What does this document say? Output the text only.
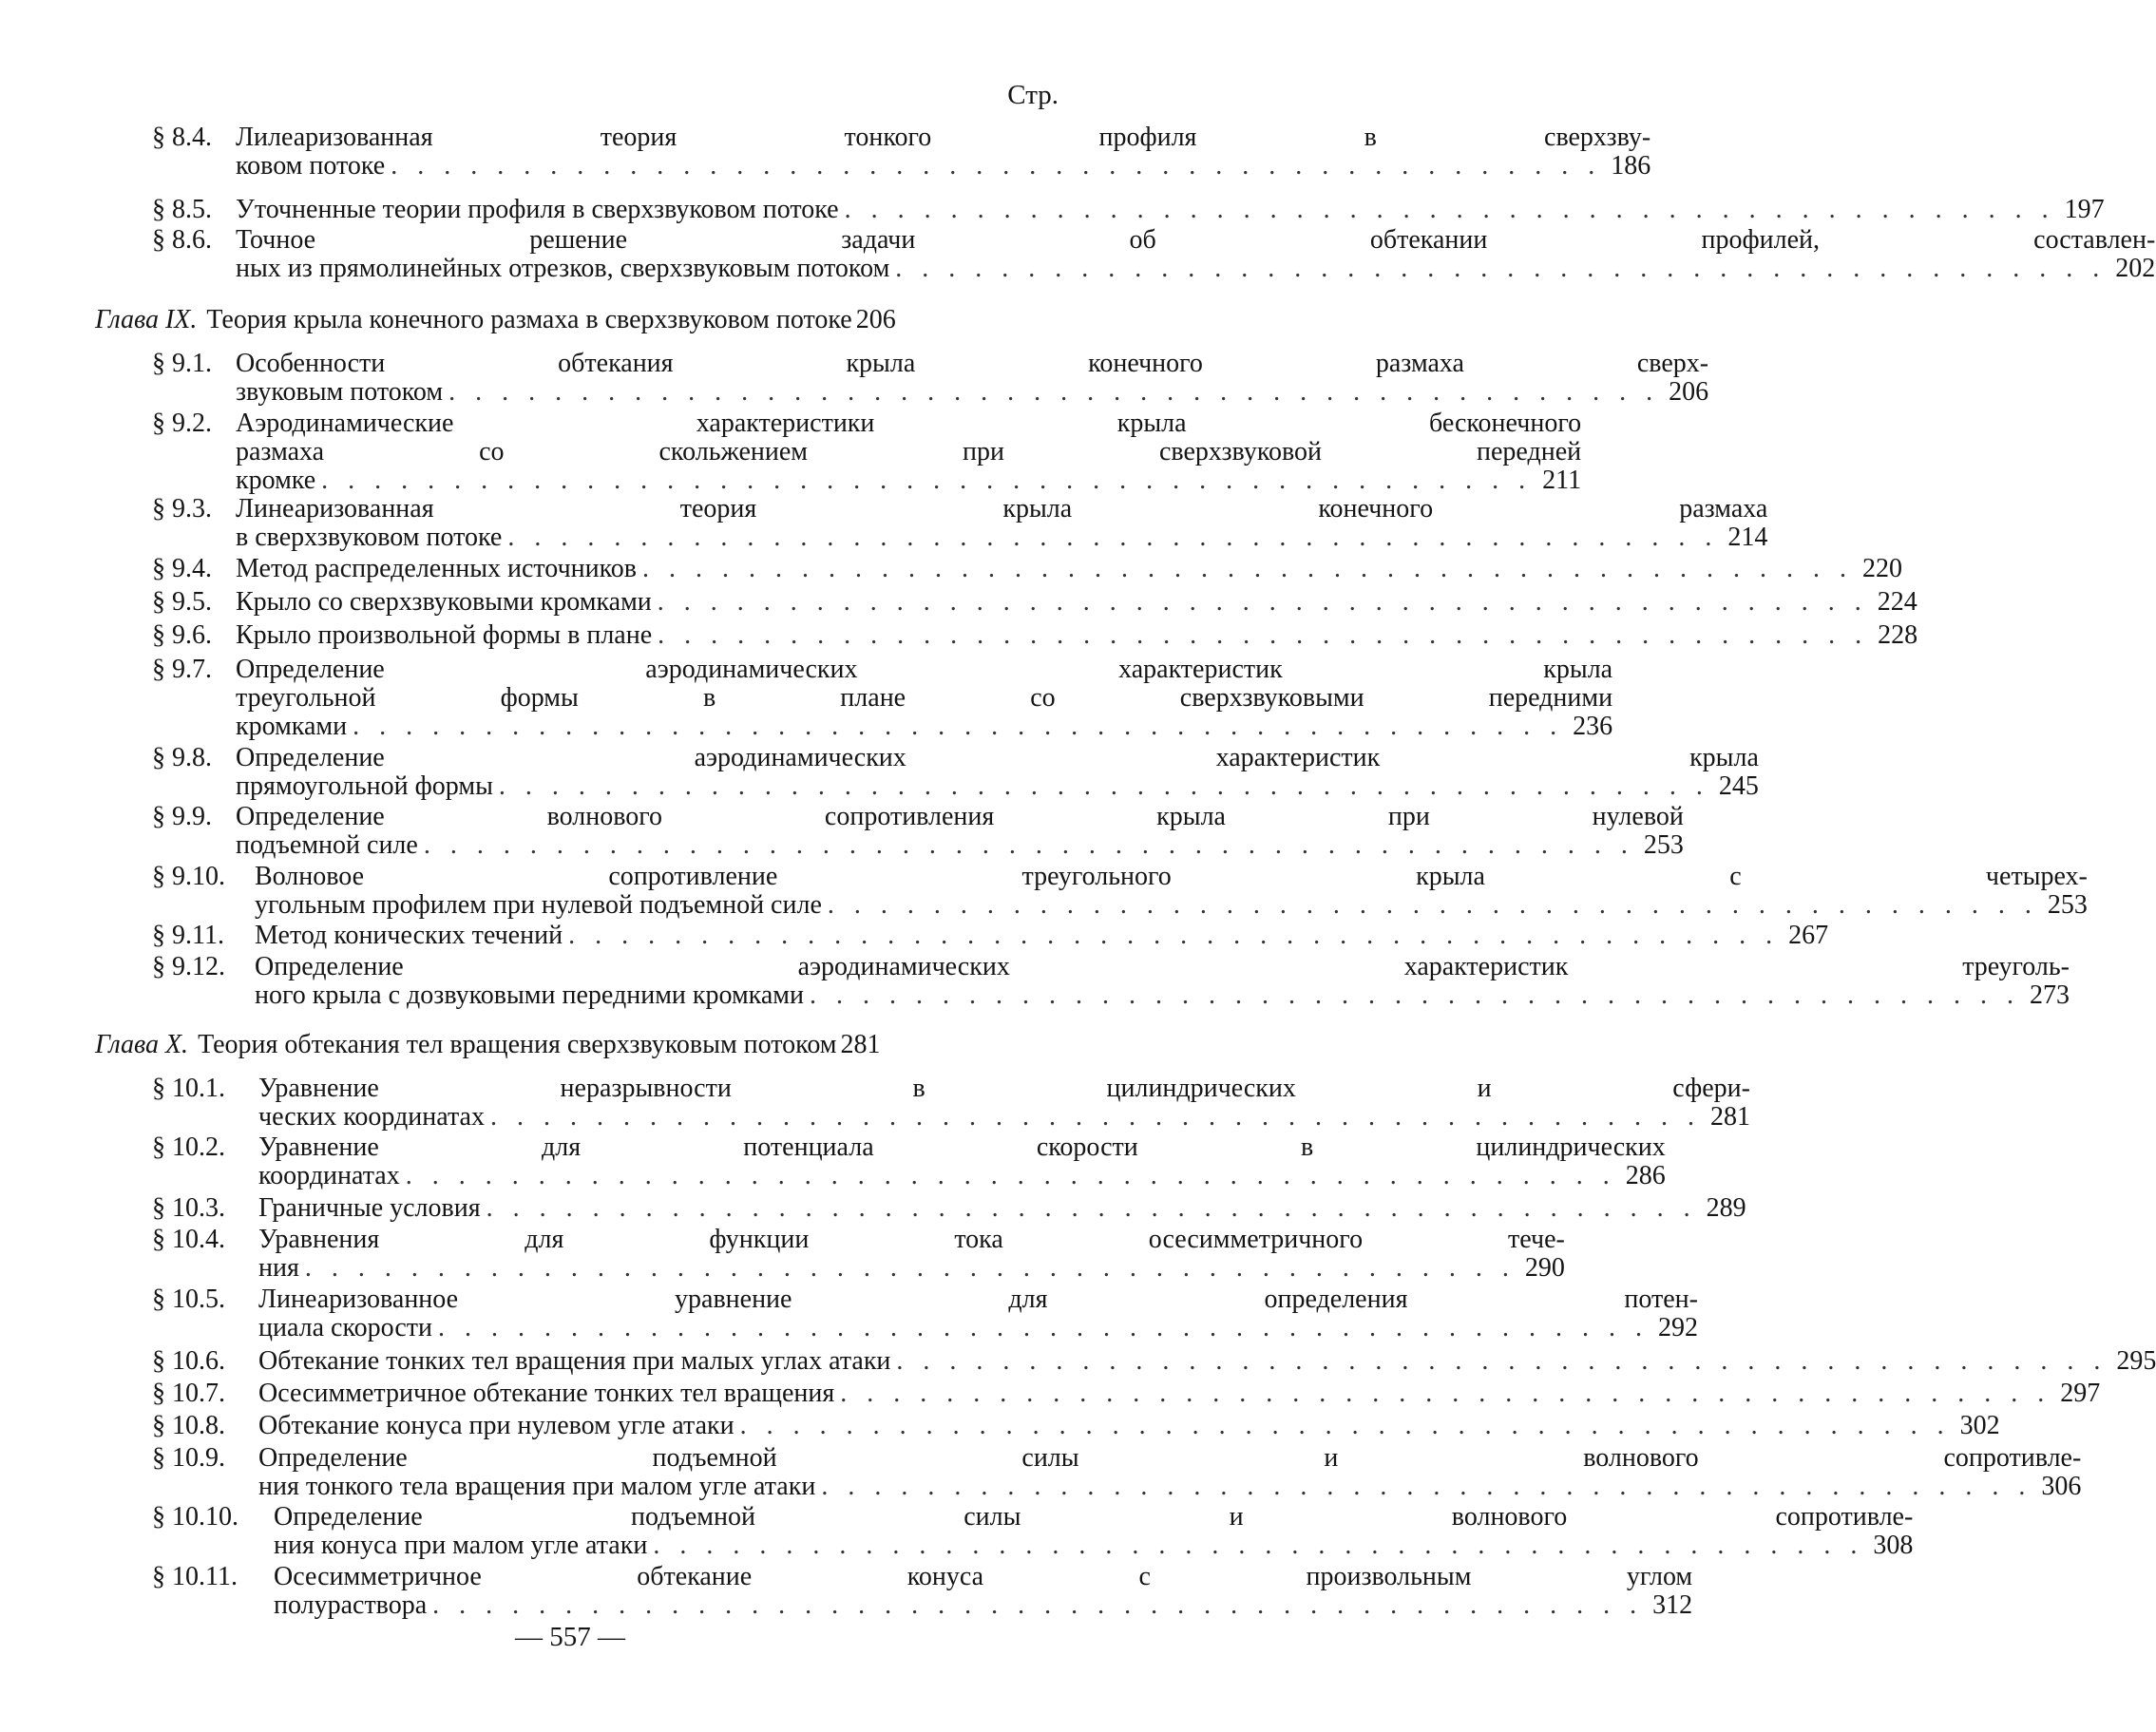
Стр.
§ 8.4. Лилеаризованная теория тонкого профиля в сверхзву-
ковом потоке . . . . . . . . . . . . . . . . . . . . . . . . . . . . . . . . . . . . . . . . . . . . . . 186
§ 8.5. Уточненные теории профиля в сверхзвуковом потоке . . . . . . . . . . . . . . . . . . . . . . . . . . . . . . . . . . . . . . . . . . . . . . 197
§ 8.6. Точное решение задачи об обтекании профилей, составлен-
ных из прямолинейных отрезков, сверхзвуковым потоком . . . . . . . . . . . . . . . . . . . . . . . . . . . . . . . . . . . . . . . . . . . . . . 202
Глава IX. Теория крыла конечного размаха в сверхзвуковом потоке 206
§ 9.1. Особенности обтекания крыла конечного размаха сверх-
звуковым потоком . . . . . . . . . . . . . . . . . . . . . . . . . . . . . . . . . . . . . . . . . . . . . . 206
§ 9.2. Аэродинамические характеристики крыла бесконечного
размаха со скольжением при сверхзвуковой передней
кромке . . . . . . . . . . . . . . . . . . . . . . . . . . . . . . . . . . . . . . . . . . . . . . 211
§ 9.3. Линеаризованная теория крыла конечного размаха
в сверхзвуковом потоке . . . . . . . . . . . . . . . . . . . . . . . . . . . . . . . . . . . . . . . . . . . . . . 214
§ 9.4. Метод распределенных источников . . . . . . . . . . . . . . . . . . . . . . . . . . . . . . . . . . . . . . . . . . . . . . 220
§ 9.5. Крыло со сверхзвуковыми кромками . . . . . . . . . . . . . . . . . . . . . . . . . . . . . . . . . . . . . . . . . . . . . . 224
§ 9.6. Крыло произвольной формы в плане . . . . . . . . . . . . . . . . . . . . . . . . . . . . . . . . . . . . . . . . . . . . . . 228
§ 9.7. Определение аэродинамических характеристик крыла
треугольной формы в плане со сверхзвуковыми передними
кромками . . . . . . . . . . . . . . . . . . . . . . . . . . . . . . . . . . . . . . . . . . . . . . 236
§ 9.8. Определение аэродинамических характеристик крыла
прямоугольной формы . . . . . . . . . . . . . . . . . . . . . . . . . . . . . . . . . . . . . . . . . . . . . . 245
§ 9.9. Определение волнового сопротивления крыла при нулевой
подъемной силе . . . . . . . . . . . . . . . . . . . . . . . . . . . . . . . . . . . . . . . . . . . . . . 253
§ 9.10.	Волновое сопротивление треугольного крыла с четырех-
угольным профилем при нулевой подъемной силе . . . . . . . . . . . . . . . . . . . . . . . . . . . . . . . . . . . . . . . . . . . . . . 253
§ 9.11.	Метод конических течений . . . . . . . . . . . . . . . . . . . . . . . . . . . . . . . . . . . . . . . . . . . . . . 267
§ 9.12.	Определение аэродинамических характеристик треуголь-
ного крыла с дозвуковыми передними кромками . . . . . . . . . . . . . . . . . . . . . . . . . . . . . . . . . . . . . . . . . . . . . . 273
Глава X. Теория обтекания тел вращения сверхзвуковым потоком 281
§ 10.1.	Уравнение неразрывности в цилиндрических и сфери-
ческих координатах . . . . . . . . . . . . . . . . . . . . . . . . . . . . . . . . . . . . . . . . . . . . . . 281
§ 10.2.	Уравнение для потенциала скорости в цилиндрических
координатах . . . . . . . . . . . . . . . . . . . . . . . . . . . . . . . . . . . . . . . . . . . . . . 286
§ 10.3.	Граничные условия . . . . . . . . . . . . . . . . . . . . . . . . . . . . . . . . . . . . . . . . . . . . . . 289
§ 10.4.	Уравнения для функции тока осесимметричного тече-
ния . . . . . . . . . . . . . . . . . . . . . . . . . . . . . . . . . . . . . . . . . . . . . . 290
§ 10.5.	Линеаризованное уравнение для определения потен-
циала скорости . . . . . . . . . . . . . . . . . . . . . . . . . . . . . . . . . . . . . . . . . . . . . . 292
§ 10.6.	Обтекание тонких тел вращения при малых углах атаки . . . . . . . . . . . . . . . . . . . . . . . . . . . . . . . . . . . . . . . . . . . . . . 295
§ 10.7.	Осесимметричное обтекание тонких тел вращения . . . . . . . . . . . . . . . . . . . . . . . . . . . . . . . . . . . . . . . . . . . . . . 297
§ 10.8.	Обтекание конуса при нулевом угле атаки . . . . . . . . . . . . . . . . . . . . . . . . . . . . . . . . . . . . . . . . . . . . . . 302
§ 10.9.	Определение подъемной силы и волнового сопротивле-
ния тонкого тела вращения при малом угле атаки . . . . . . . . . . . . . . . . . . . . . . . . . . . . . . . . . . . . . . . . . . . . . . 306
§ 10.10.	Определение подъемной силы и волнового сопротивле-
ния конуса при малом угле атаки . . . . . . . . . . . . . . . . . . . . . . . . . . . . . . . . . . . . . . . . . . . . . . 308
§ 10.11.	Осесимметричное обтекание конуса с произвольным углом
полураствора . . . . . . . . . . . . . . . . . . . . . . . . . . . . . . . . . . . . . . . . . . . . . . 312
— 557 —
